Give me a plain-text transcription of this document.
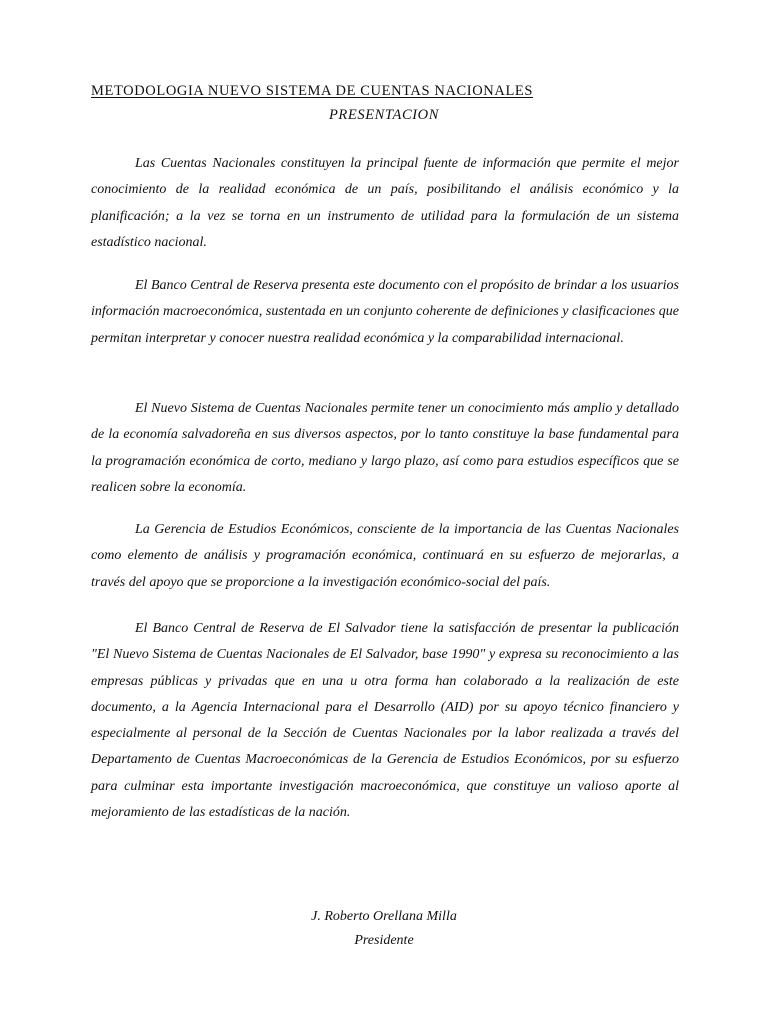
METODOLOGIA NUEVO SISTEMA DE CUENTAS NACIONALES
PRESENTACION

Las Cuentas Nacionales constituyen la principal fuente de información que permite el mejor conocimiento de la realidad económica de un país, posibilitando el análisis económico y la planificación; a la vez se torna en un instrumento de utilidad para la formulación de un sistema estadístico nacional.

El Banco Central de Reserva presenta este documento con el propósito de brindar a los usuarios información macroeconómica, sustentada en un conjunto coherente de definiciones y clasificaciones que permitan interpretar y conocer nuestra realidad económica y la comparabilidad internacional.

El Nuevo Sistema de Cuentas Nacionales permite tener un conocimiento más amplio y detallado de la economía salvadoreña en sus diversos aspectos, por lo tanto constituye la base fundamental para la programación económica de corto, mediano y largo plazo, así como para estudios específicos que se realicen sobre la economía.

La Gerencia de Estudios Económicos, consciente de la importancia de las Cuentas Nacionales como elemento de análisis y programación económica, continuará en su esfuerzo de mejorarlas, a través del apoyo que se proporcione a la investigación económico-social del país.

El Banco Central de Reserva de El Salvador tiene la satisfacción de presentar la publicación "El Nuevo Sistema de Cuentas Nacionales de El Salvador, base 1990" y expresa su reconocimiento a las empresas públicas y privadas que en una u otra forma han colaborado a la realización de este documento, a la Agencia Internacional para el Desarrollo (AID) por su apoyo técnico financiero y especialmente al personal de la Sección de Cuentas Nacionales por la labor realizada a través del Departamento de Cuentas Macroeconómicas de la Gerencia de Estudios Económicos, por su esfuerzo para culminar esta importante investigación macroeconómica, que constituye un valioso aporte al mejoramiento de las estadísticas de la nación.

J. Roberto Orellana Milla
Presidente
